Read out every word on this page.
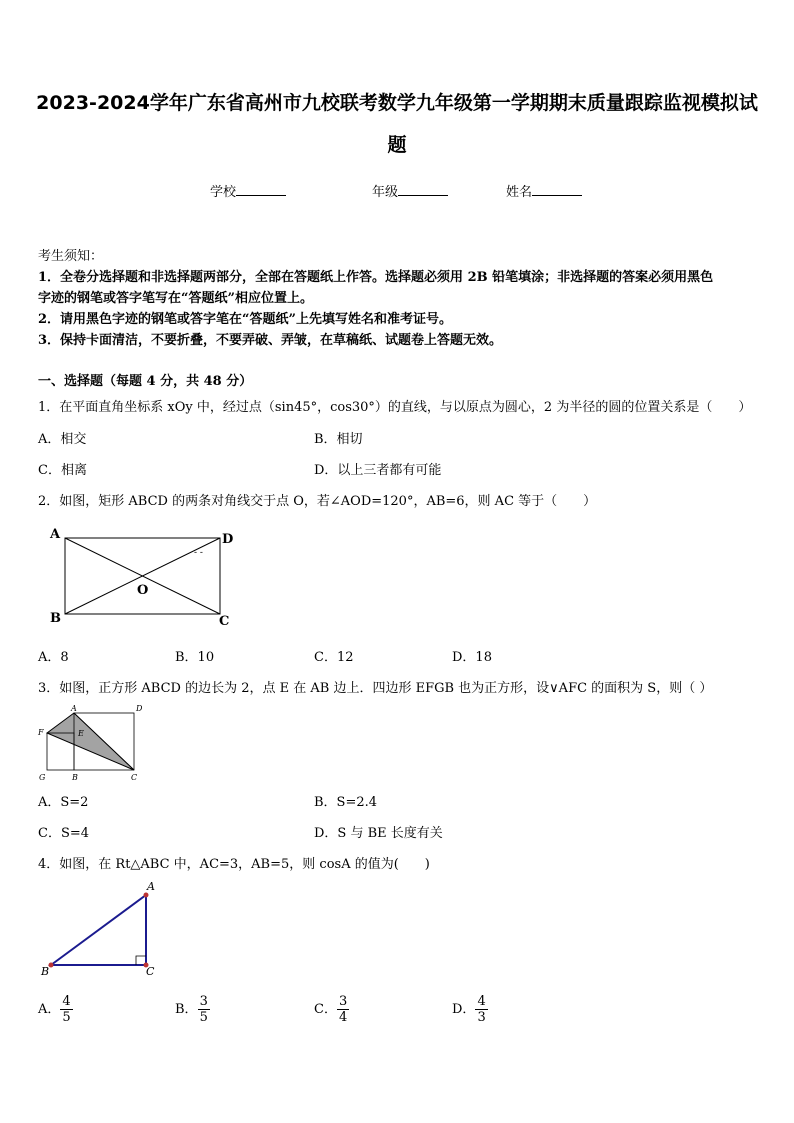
2023-2024学年广东省高州市九校联考数学九年级第一学期期末质量跟踪监视模拟试
题
学校	年级	姓名
考生须知：
1．全卷分选择题和非选择题两部分，全部在答题纸上作答。选择题必须用 2B 铅笔填涂；非选择题的答案必须用黑色
字迹的钢笔或答字笔写在“答题纸”相应位置上。
2．请用黑色字迹的钢笔或答字笔在“答题纸”上先填写姓名和准考证号。
3．保持卡面清洁，不要折叠，不要弄破、弄皱，在草稿纸、试题卷上答题无效。
一、选择题（每题 4 分，共 48 分）
1．在平面直角坐标系 xOy 中，经过点（sin45°，cos30°）的直线，与以原点为圆心，2 为半径的圆的位置关系是（　　）
A．相交	B．相切
C．相离	D．以上三者都有可能
2．如图，矩形 ABCD 的两条对角线交于点 O，若∠AOD=120°，AB=6，则 AC 等于（　　）
- -
A	D
O
B	C
A．8	B．10	C．12	D．18
3．如图，正方形 ABCD 的边长为 2，点 E 在 AB 边上．四边形 EFGB 也为正方形，设∨AFC 的面积为 S，则（ ）
A	D
F	E
G	B	C
A．S=2	B．S=2.4
C．S=4	D．S 与 BE 长度有关
4．如图，在 Rt△ABC 中，AC=3，AB=5，则 cosA 的值为(　　)
A
B	C
A． $\frac{4}{5}$	B． $\frac{3}{5}$	C． $\frac{3}{4}$	D． $\frac{4}{3}$
